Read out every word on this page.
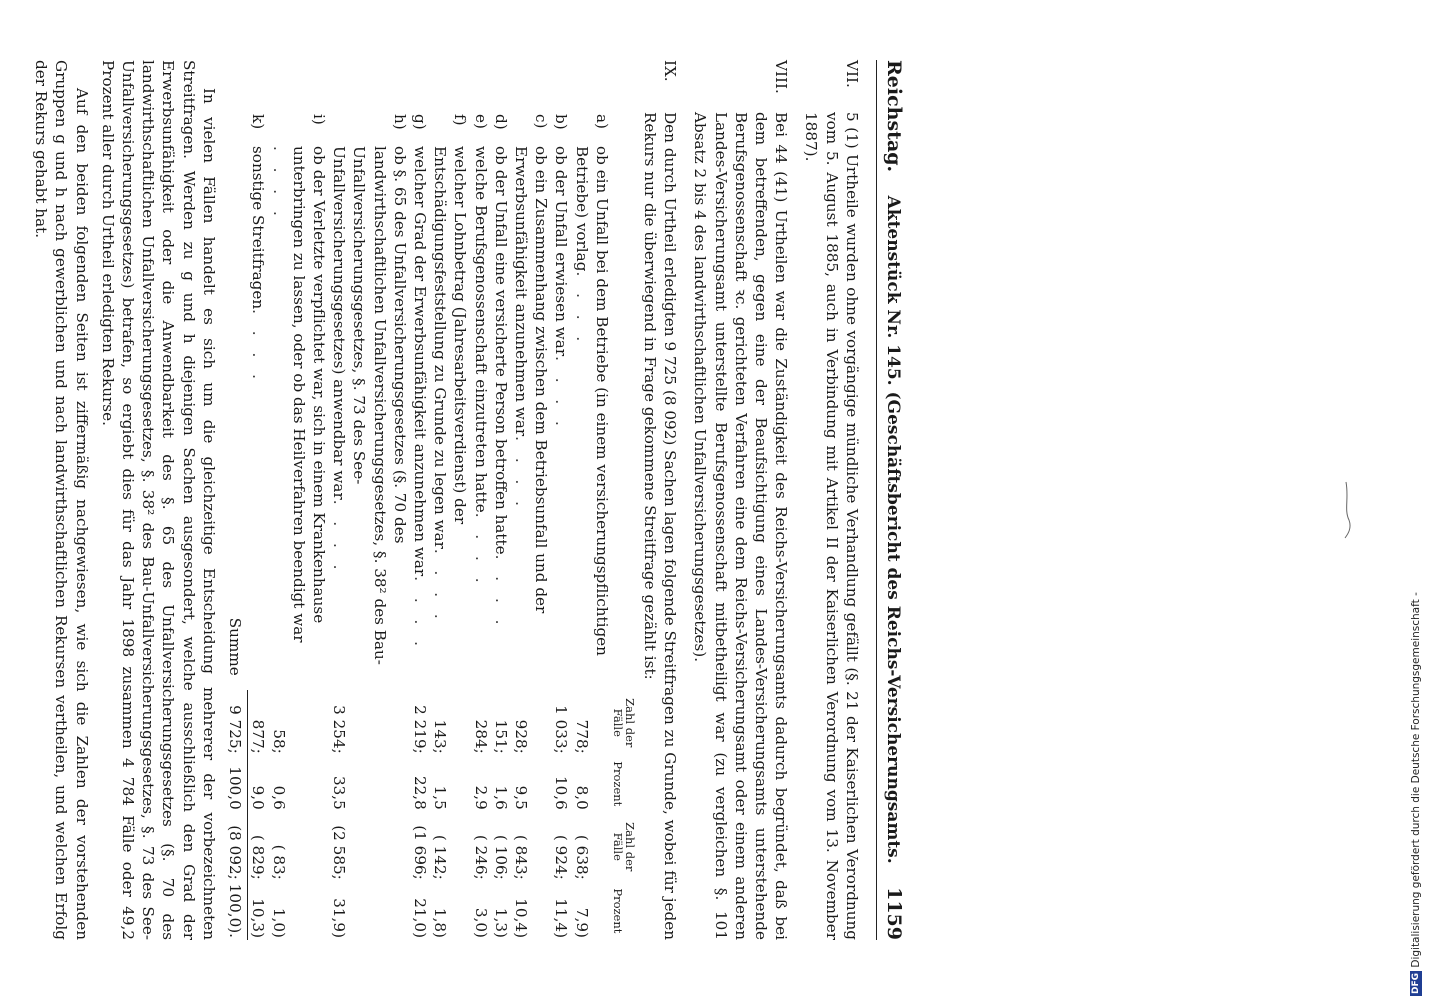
Reichstag.
Aktenstück Nr. 145. (Geschäftsbericht des Reichs-Versicherungsamts.
1159
VII.
5 (1) Urtheile wurden ohne vorgängige mündliche Verhandlung gefällt (§. 21 der Kaiserlichen Verordnung vom 5. August 1885, auch in Verbindung mit Artikel II der Kaiserlichen Verordnung vom 13. November 1887).
VIII.
Bei 44 (41) Urtheilen war die Zuständigkeit des Reichs-Versicherungsamts dadurch begründet, daß bei dem betreffenden, gegen eine der Beaufsichtigung eines Landes-Versicherungsamts unterstehende Berufsgenossenschaft ꝛc. gerichteten Verfahren eine dem Reichs-Versicherungsamt oder einem anderen Landes-Versicherungsamt unterstellte Berufsgenossenschaft mitbetheiligt war (zu vergleichen §. 101 Absatz 2 bis 4 des landwirthschaftlichen Unfallversicherungsgesetzes).
IX.
Den durch Urtheil erledigten 9 725 (8 092) Sachen lagen folgende Streitfragen zu Grunde, wobei für jeden Rekurs nur die überwiegend in Frage gekommene Streitfrage gezählt ist:
		Zahl der Fälle	Prozent	Zahl der Fälle	Prozent
a)	ob ein Unfall bei dem Betriebe (in einem versicherungspflichtigen Betriebe) vorlag. . . .	778;	8,0	( 638;	7,9)
b)	ob der Unfall erwiesen war. . . .	1 033;	10,6	( 924;	11,4)
c)	ob ein Zusammenhang zwischen dem Betriebsunfall und der Erwerbsunfähigkeit anzunehmen war. . . .	928;	9,5	( 843;	10,4)
d)	ob der Unfall eine versicherte Person betroffen hatte. . . .	151;	1,6	( 106;	1,3)
e)	welche Berufsgenossenschaft einzutreten hatte. . . .	284;	2,9	( 246;	3,0)
f)	welcher Lohnbetrag (Jahresarbeitsverdienst) der Entschädigungsfeststellung zu Grunde zu legen war. . . .	143;	1,5	( 142;	1,8)
g)	welcher Grad der Erwerbsunfähigkeit anzunehmen war. . . .	2 219;	22,8	(1 696;	21,0)
h)	ob §. 65 des Unfallversicherungsgesetzes (§. 70 des landwirthschaftlichen Unfallversicherungsgesetzes, §. 38² des Bau-Unfallversicherungsgesetzes, §. 73 des See-Unfallversicherungsgesetzes) anwendbar war. . . .	3 254;	33,5	(2 585;	31,9)
i)	ob der Verletzte verpflichtet war, sich in einem Krankenhause unterbringen zu lassen, oder ob das Heilverfahren beendigt war. . . .	58;	0,6	( 83;	1,0)
k)	sonstige Streitfragen. . . .	877;	9,0	( 829;	10,3)
	Summe	9 725;	100,0	(8 092;	100,0).
In vielen Fällen handelt es sich um die gleichzeitige Entscheidung mehrerer der vorbezeichneten Streitfragen. Werden zu g und h diejenigen Sachen ausgesondert, welche ausschließlich den Grad der Erwerbsunfähigkeit oder die Anwendbarkeit des §. 65 des Unfallversicherungsgesetzes (§. 70 des landwirthschaftlichen Unfallversicherungsgesetzes, §. 38² des Bau-Unfallversicherungsgesetzes, §. 73 des See-Unfallversicherungsgesetzes) betrafen, so ergiebt dies für das Jahr 1898 zusammen 4 784 Fälle oder 49,2 Prozent aller durch Urtheil erledigten Rekurse.
Auf den beiden folgenden Seiten ist ziffermäßig nachgewiesen, wie sich die Zahlen der vorstehenden Gruppen g und h nach gewerblichen und nach landwirthschaftlichen Rekursen vertheilen, und welchen Erfolg der Rekurs gehabt hat.
DFG Digitalisierung gefördert durch die Deutsche Forschungsgemeinschaft -
